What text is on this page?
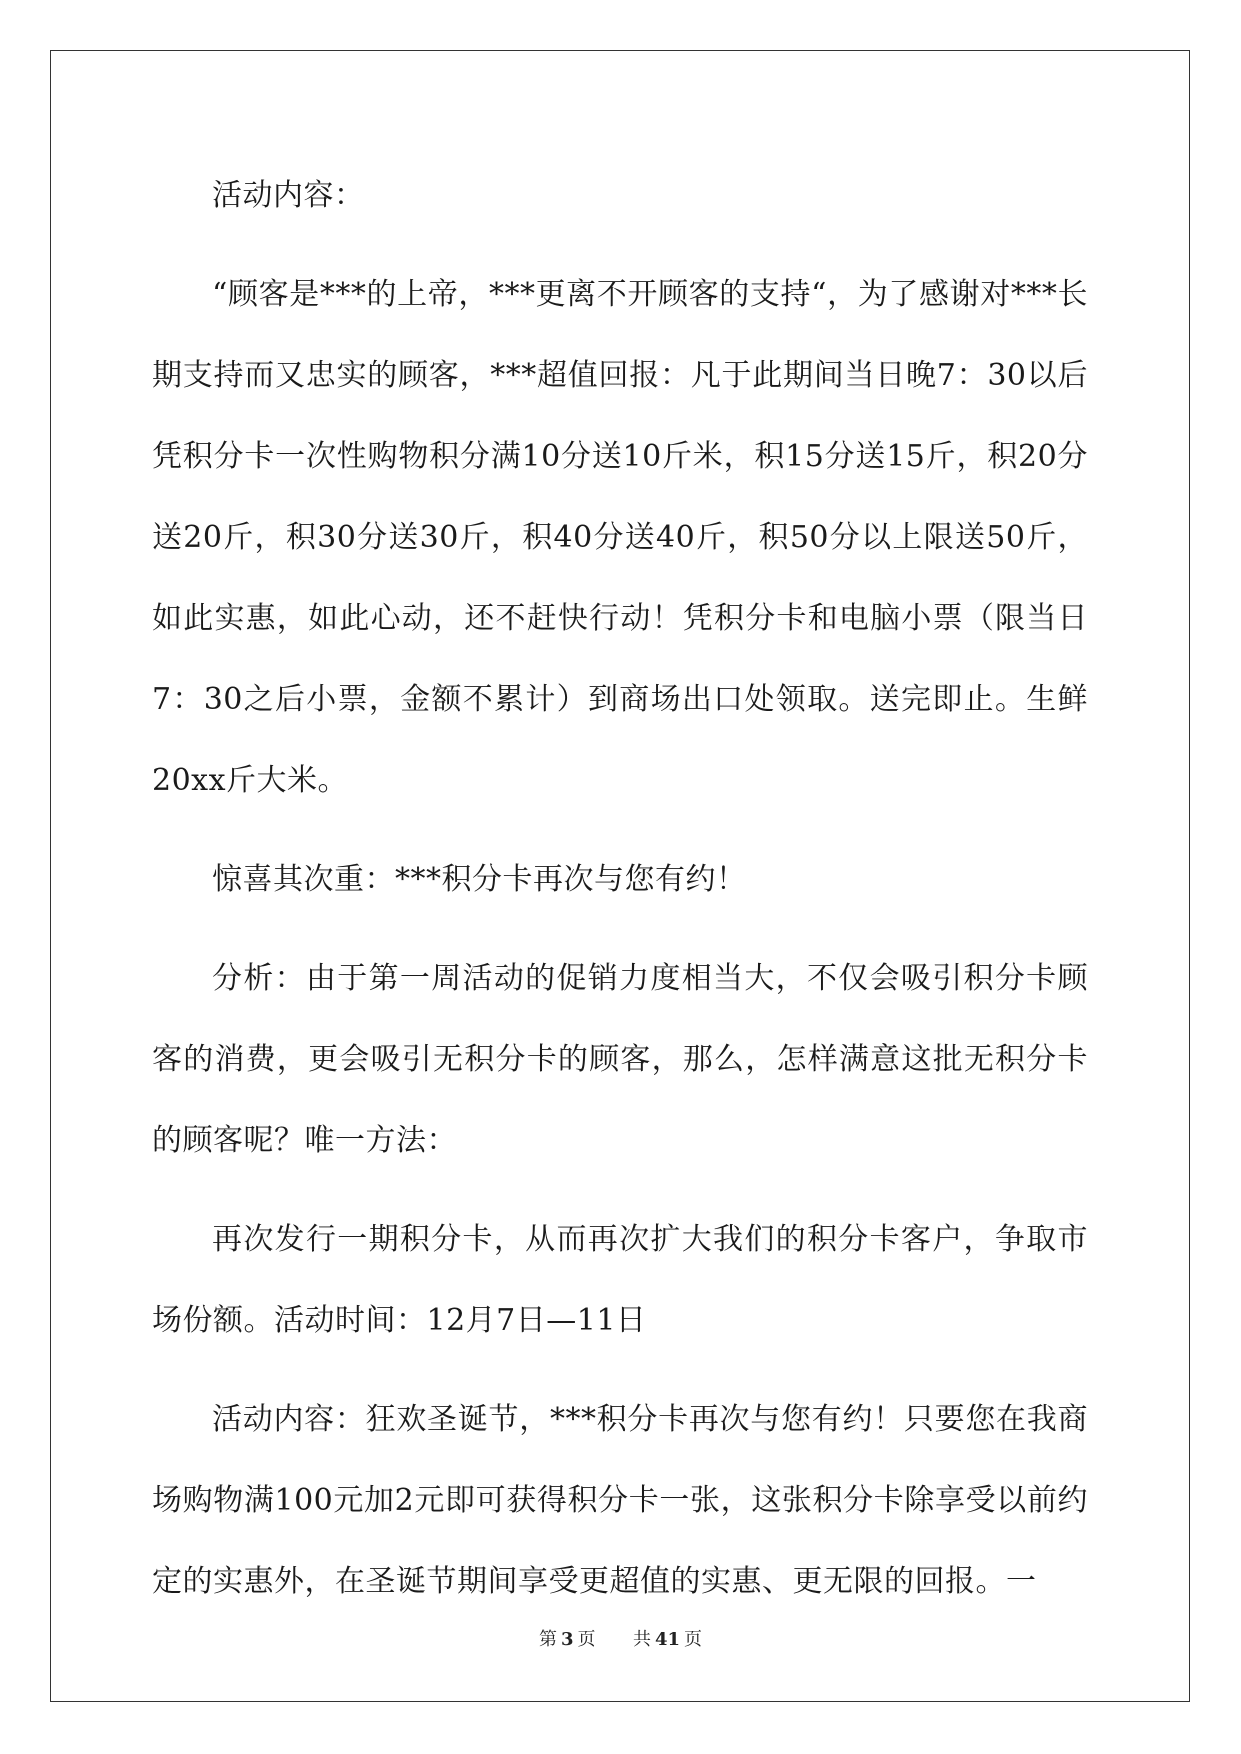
活动内容：

“顾客是***的上帝，***更离不开顾客的支持“，为了感谢对***长期支持而又忠实的顾客，***超值回报：凡于此期间当日晚7：30以后凭积分卡一次性购物积分满10分送10斤米，积15分送15斤，积20分送20斤，积30分送30斤，积40分送40斤，积50分以上限送50斤，如此实惠，如此心动，还不赶快行动！凭积分卡和电脑小票（限当日7：30之后小票，金额不累计）到商场出口处领取。送完即止。生鲜20xx斤大米。

惊喜其次重：***积分卡再次与您有约！

分析：由于第一周活动的促销力度相当大，不仅会吸引积分卡顾客的消费，更会吸引无积分卡的顾客，那么，怎样满意这批无积分卡的顾客呢？唯一方法：

再次发行一期积分卡，从而再次扩大我们的积分卡客户，争取市场份额。活动时间：12月7日—11日

活动内容：狂欢圣诞节，***积分卡再次与您有约！只要您在我商场购物满100元加2元即可获得积分卡一张，这张积分卡除享受以前约定的实惠外，在圣诞节期间享受更超值的实惠、更无限的回报。一

第 3 页 共 41 页
